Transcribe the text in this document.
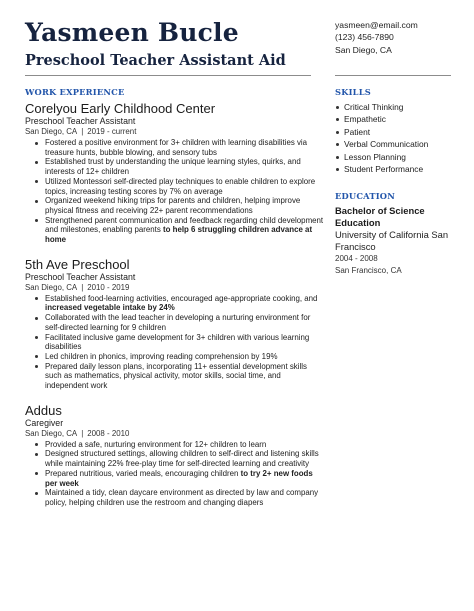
Yasmeen Bucle
Preschool Teacher Assistant Aid
yasmeen@email.com
(123) 456-7890
San Diego, CA
WORK EXPERIENCE
Corelyou Early Childhood Center
Preschool Teacher Assistant
San Diego, CA | 2019 - current
Fostered a positive environment for 3+ children with learning disabilities via treasure hunts, bubble blowing, and sensory tubs
Established trust by understanding the unique learning styles, quirks, and interests of 12+ children
Utilized Montessori self-directed play techniques to enable children to explore topics, increasing testing scores by 7% on average
Organized weekend hiking trips for parents and children, helping improve physical fitness and receiving 22+ parent recommendations
Strengthened parent communication and feedback regarding child development and milestones, enabling parents to help 6 struggling children advance at home
5th Ave Preschool
Preschool Teacher Assistant
San Diego, CA | 2010 - 2019
Established food-learning activities, encouraged age-appropriate cooking, and increased vegetable intake by 24%
Collaborated with the lead teacher in developing a nurturing environment for self-directed learning for 9 children
Facilitated inclusive game development for 3+ children with various learning disabilities
Led children in phonics, improving reading comprehension by 19%
Prepared daily lesson plans, incorporating 11+ essential development skills such as mathematics, physical activity, motor skills, social time, and independent work
Addus
Caregiver
San Diego, CA | 2008 - 2010
Provided a safe, nurturing environment for 12+ children to learn
Designed structured settings, allowing children to self-direct and listening skills while maintaining 22% free-play time for self-directed learning and creativity
Prepared nutritious, varied meals, encouraging children to try 2+ new foods per week
Maintained a tidy, clean daycare environment as directed by law and company policy, helping children use the restroom and changing diapers
SKILLS
Critical Thinking
Empathetic
Patient
Verbal Communication
Lesson Planning
Student Performance
EDUCATION
Bachelor of Science Education
University of California San Francisco
2004 - 2008
San Francisco, CA
